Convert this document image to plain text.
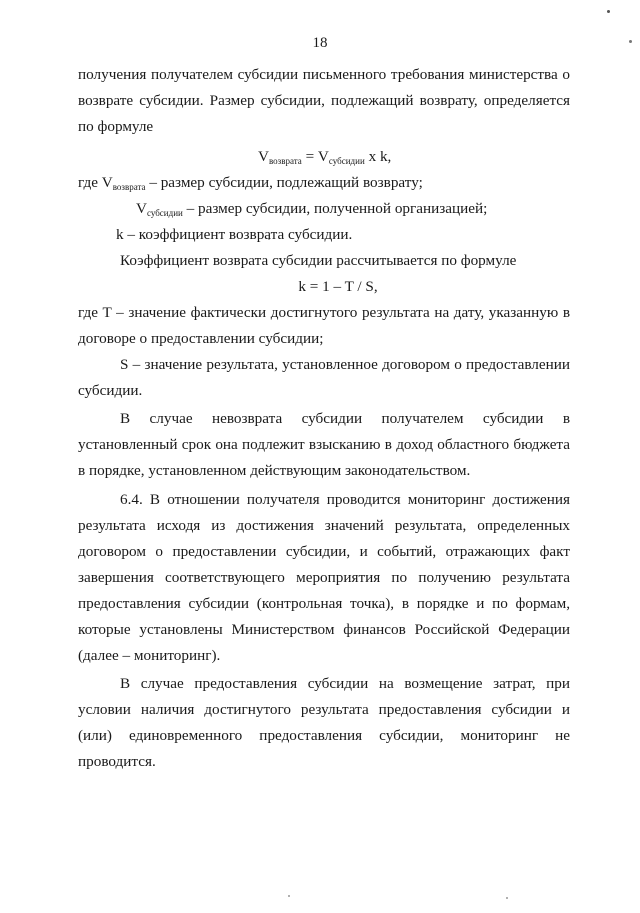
18

получения получателем субсидии письменного требования министерства о возврате субсидии. Размер субсидии, подлежащий возврату, определяется по формуле

$V_{возврата} = V_{субсидии}$ x k,

где $V_{возврата}$ – размер субсидии, подлежащий возврату;

$V_{субсидии}$ – размер субсидии, полученной организацией;

k – коэффициент возврата субсидии.

Коэффициент возврата субсидии рассчитывается по формуле

k = 1 – T / S,

где T – значение фактически достигнутого результата на дату, указанную в договоре о предоставлении субсидии;

S – значение результата, установленное договором о предоставлении субсидии.

В случае невозврата субсидии получателем субсидии в установленный срок она подлежит взысканию в доход областного бюджета в порядке, установленном действующим законодательством.

6.4. В отношении получателя проводится мониторинг достижения результата исходя из достижения значений результата, определенных договором о предоставлении субсидии, и событий, отражающих факт завершения соответствующего мероприятия по получению результата предоставления субсидии (контрольная точка), в порядке и по формам, которые установлены Министерством финансов Российской Федерации (далее – мониторинг).

В случае предоставления субсидии на возмещение затрат, при условии наличия достигнутого результата предоставления субсидии и (или) единовременного предоставления субсидии, мониторинг не проводится.
